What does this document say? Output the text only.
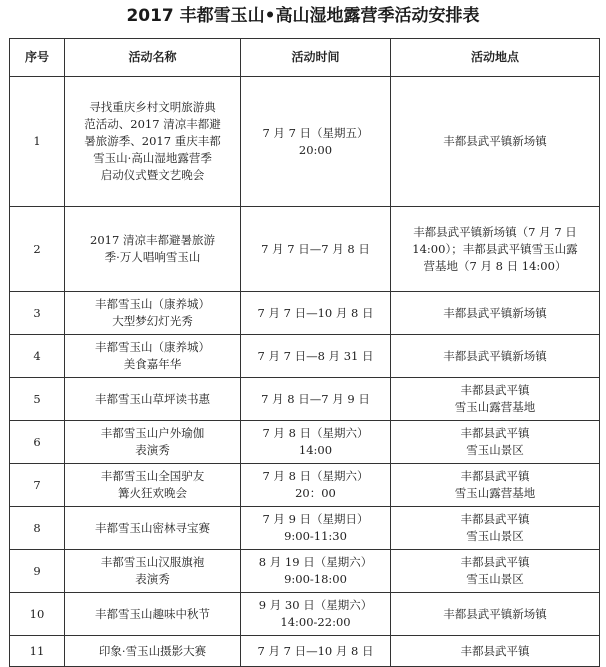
2017 丰都雪玉山•高山湿地露营季活动安排表
序号	活动名称	活动时间	活动地点
1	寻找重庆乡村文明旅游典
范活动、2017 清凉丰都避
暑旅游季、2017 重庆丰都
雪玉山·高山湿地露营季
启动仪式暨文艺晚会	7 月 7 日（星期五）
20:00	丰都县武平镇新场镇

2	2017 清凉丰都避暑旅游
季·万人唱响雪玉山	7 月 7 日—7 月 8 日	丰都县武平镇新场镇（7 月 7 日
14:00）；丰都县武平镇雪玉山露
营基地（7 月 8 日 14:00）

3	丰都雪玉山（康养城）
大型梦幻灯光秀	7 月 7 日—10 月 8 日	丰都县武平镇新场镇

4	丰都雪玉山（康养城）
美食嘉年华	7 月 7 日—8 月 31 日	丰都县武平镇新场镇

5	丰都雪玉山草坪读书惠	7 月 8 日—7 月 9 日	丰都县武平镇
雪玉山露营基地

6	丰都雪玉山户外瑜伽
表演秀	7 月 8 日（星期六）
14:00	丰都县武平镇
雪玉山景区

7	丰都雪玉山全国驴友
篝火狂欢晚会	7 月 8 日（星期六）
20：00	丰都县武平镇
雪玉山露营基地

8	丰都雪玉山密林寻宝赛	7 月 9 日（星期日）
9:00-11:30	丰都县武平镇
雪玉山景区

9	丰都雪玉山汉服旗袍
表演秀	8 月 19 日（星期六）
9:00-18:00	丰都县武平镇
雪玉山景区

10	丰都雪玉山趣味中秋节	9 月 30 日（星期六）
14:00-22:00	丰都县武平镇新场镇

11	印象·雪玉山摄影大赛	7 月 7 日—10 月 8 日	丰都县武平镇
